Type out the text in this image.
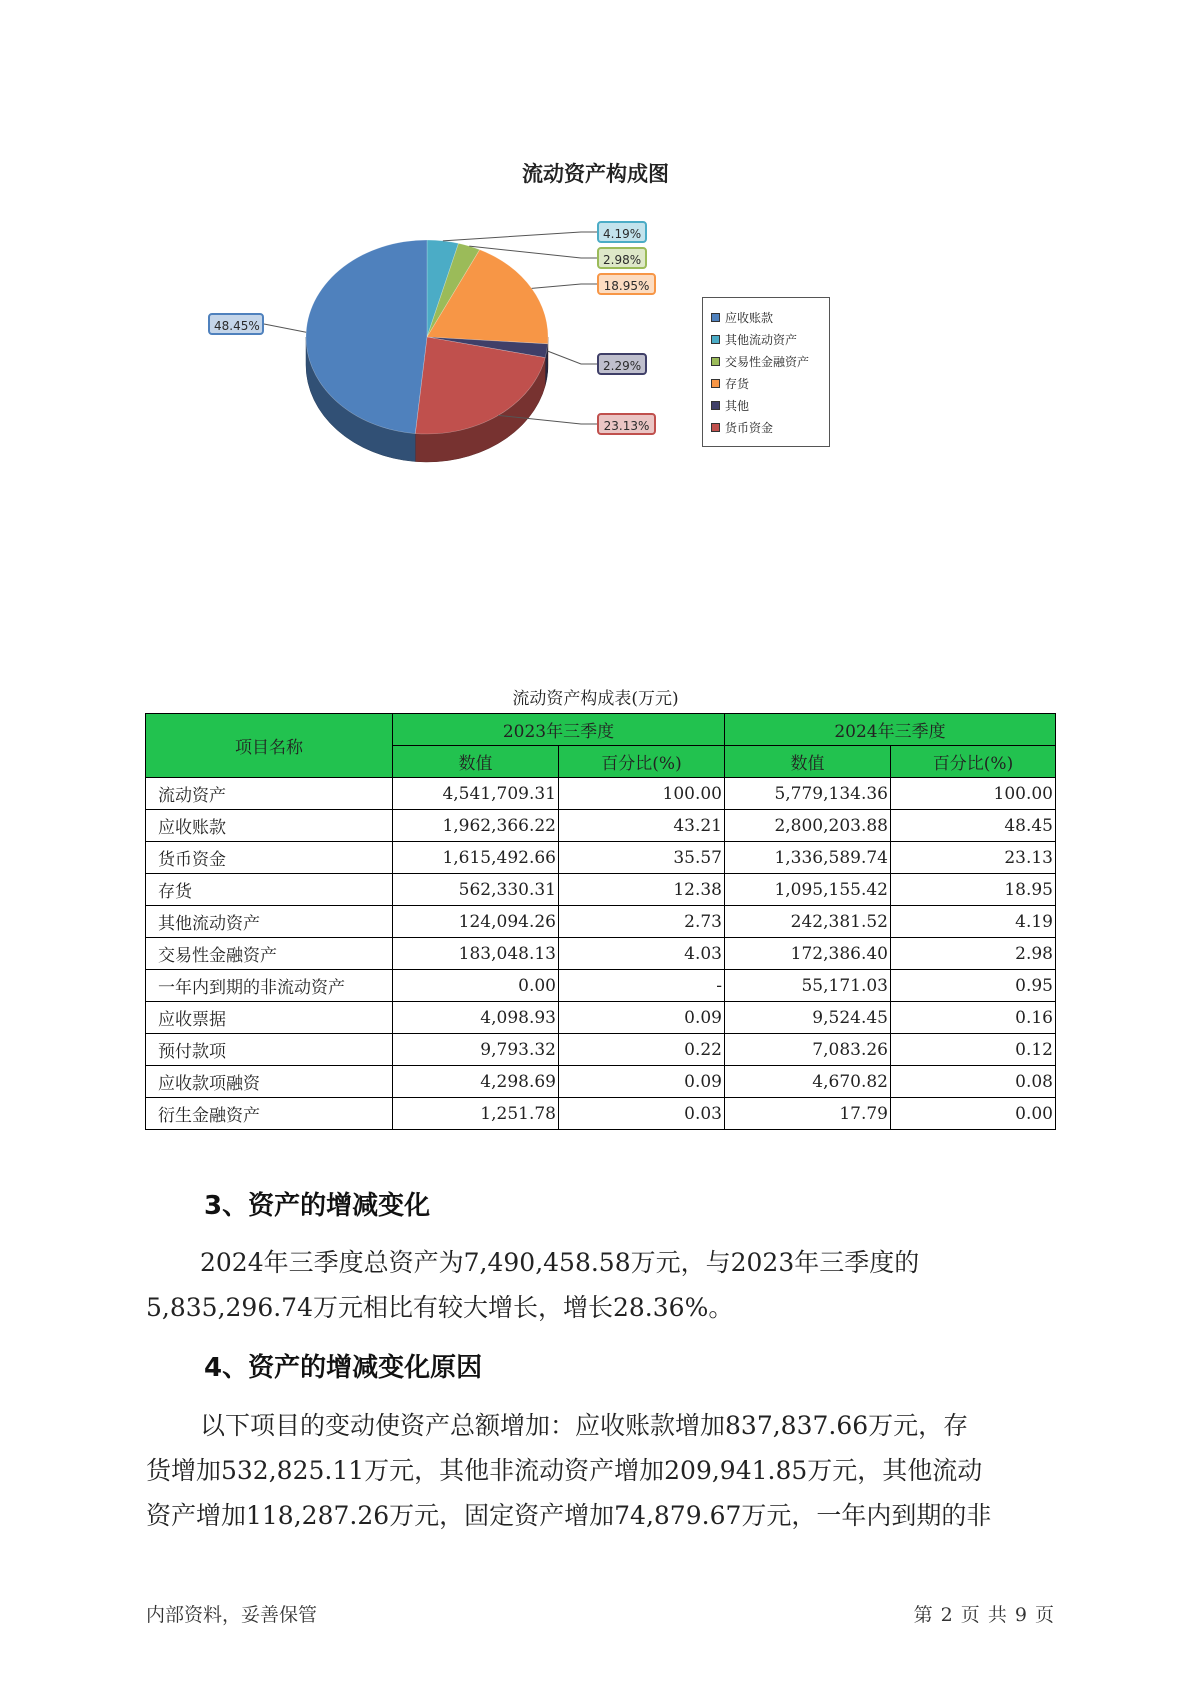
流动资产构成图
4.19%
2.98%
18.95%
2.29%
23.13%
48.45%
应收账款
其他流动资产
交易性金融资产
存货
其他
货币资金
流动资产构成表(万元)
项目名称	2023年三季度		2024年三季度	
	数值	百分比(%)	数值	百分比(%)
流动资产	4,541,709.31	100.00	5,779,134.36	100.00
应收账款	1,962,366.22	43.21	2,800,203.88	48.45
货币资金	1,615,492.66	35.57	1,336,589.74	23.13
存货	562,330.31	12.38	1,095,155.42	18.95
其他流动资产	124,094.26	2.73	242,381.52	4.19
交易性金融资产	183,048.13	4.03	172,386.40	2.98
一年内到期的非流动资产	0.00	-	55,171.03	0.95
应收票据	4,098.93	0.09	9,524.45	0.16
预付款项	9,793.32	0.22	7,083.26	0.12
应收款项融资	4,298.69	0.09	4,670.82	0.08
衍生金融资产	1,251.78	0.03	17.79	0.00
3、资产的增减变化
2024年三季度总资产为7,490,458.58万元，与2023年三季度的
5,835,296.74万元相比有较大增长，增长28.36%。
4、资产的增减变化原因
以下项目的变动使资产总额增加：应收账款增加837,837.66万元，存
货增加532,825.11万元，其他非流动资产增加209,941.85万元，其他流动
资产增加118,287.26万元，固定资产增加74,879.67万元，一年内到期的非
内部资料，妥善保管	第 2 页 共 9 页
